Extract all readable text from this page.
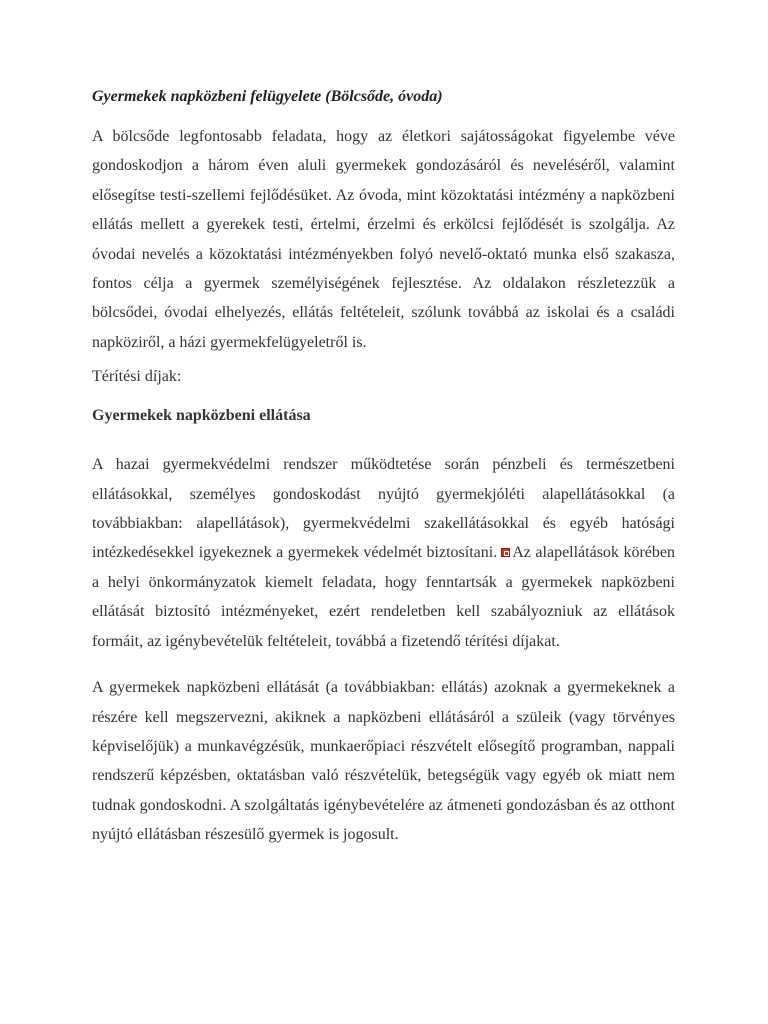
Gyermekek napközbeni felügyelete (Bölcsőde, óvoda)

A bölcsőde legfontosabb feladata, hogy az életkori sajátosságokat figyelembe véve gondoskodjon a három éven aluli gyermekek gondozásáról és neveléséről, valamint elősegítse testi-szellemi fejlődésüket. Az óvoda, mint közoktatási intézmény a napközbeni ellátás mellett a gyerekek testi, értelmi, érzelmi és erkölcsi fejlődését is szolgálja. Az óvodai nevelés a közoktatási intézményekben folyó nevelő-oktató munka első szakasza, fontos célja a gyermek személyiségének fejlesztése. Az oldalakon részletezzük a bölcsődei, óvodai elhelyezés, ellátás feltételeit, szólunk továbbá az iskolai és a családi napköziről, a házi gyermekfelügyeletről is.

Térítési díjak:
Gyermekek napközbeni ellátása

A hazai gyermekvédelmi rendszer működtetése során pénzbeli és természetbeni ellátásokkal, személyes gondoskodást nyújtó gyermekjóléti alapellátásokkal (a továbbiakban: alapellátások), gyermekvédelmi szakellátásokkal és egyéb hatósági intézkedésekkel igyekeznek a gyermekek védelmét biztosítani. Az alapellátások körében a helyi önkormányzatok kiemelt feladata, hogy fenntartsák a gyermekek napközbeni ellátását biztosító intézményeket, ezért rendeletben kell szabályozniuk az ellátások formáit, az igénybevételük feltételeit, továbbá a fizetendő térítési díjakat.

A gyermekek napközbeni ellátását (a továbbiakban: ellátás) azoknak a gyermekeknek a részére kell megszervezni, akiknek a napközbeni ellátásáról a szüleik (vagy törvényes képviselőjük) a munkavégzésük, munkaerőpiaci részvételt elősegítő programban, nappali rendszerű képzésben, oktatásban való részvételük, betegségük vagy egyéb ok miatt nem tudnak gondoskodni. A szolgáltatás igénybevételére az átmeneti gondozásban és az otthont nyújtó ellátásban részesülő gyermek is jogosult.
